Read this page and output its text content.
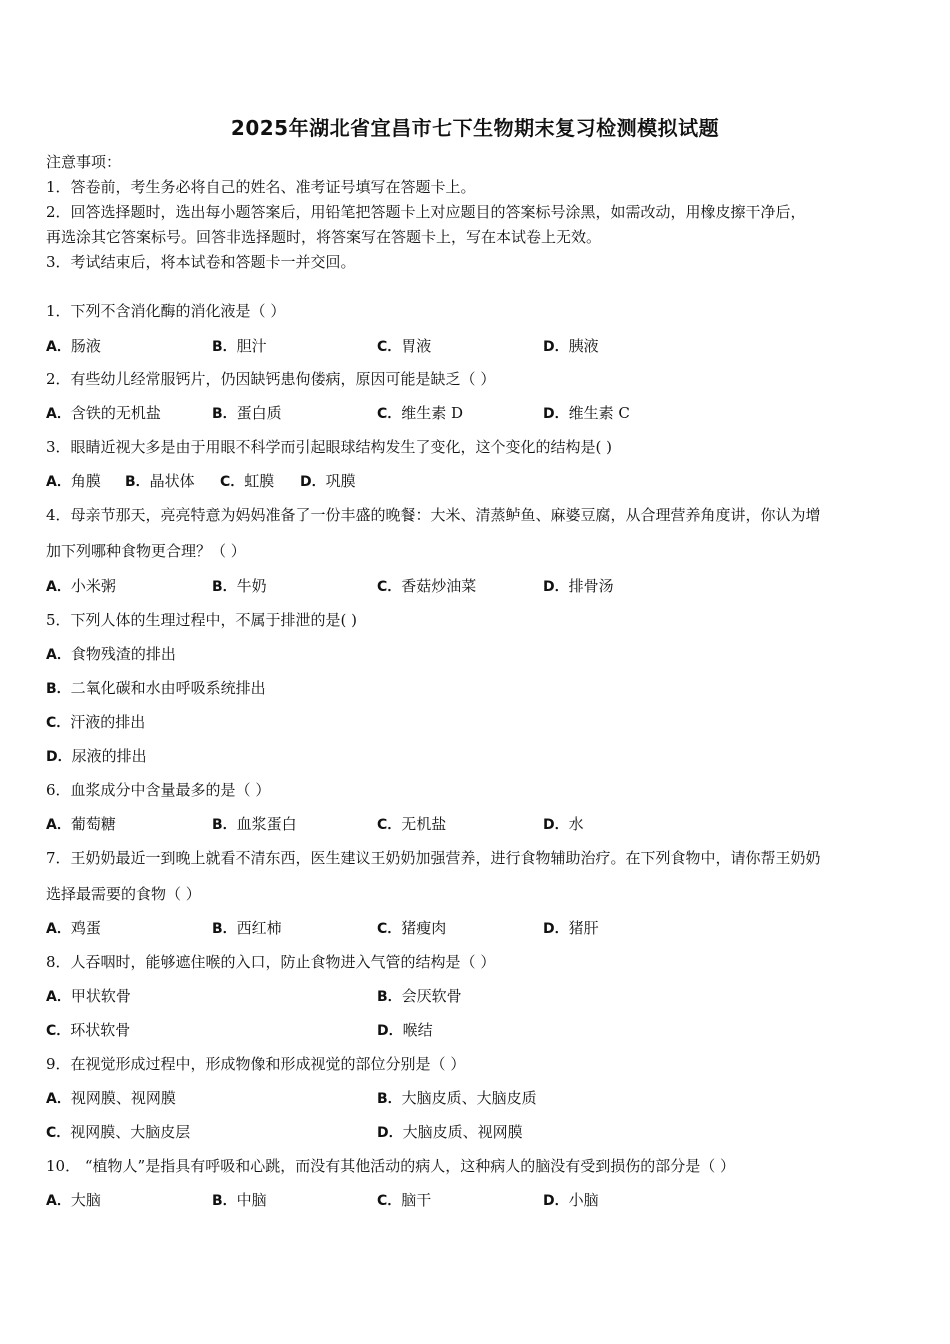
2025年湖北省宜昌市七下生物期末复习检测模拟试题
注意事项：
1．答卷前，考生务必将自己的姓名、准考证号填写在答题卡上。
2．回答选择题时，选出每小题答案后，用铅笔把答题卡上对应题目的答案标号涂黑，如需改动，用橡皮擦干净后，
再选涂其它答案标号。回答非选择题时，将答案写在答题卡上，写在本试卷上无效。
3．考试结束后，将本试卷和答题卡一并交回。
1．下列不含消化酶的消化液是（ ）
A．肠液	B．胆汁	C．胃液	D．胰液
2．有些幼儿经常服钙片，仍因缺钙患佝偻病，原因可能是缺乏（ ）
A．含铁的无机盐	B．蛋白质	C．维生素 D	D．维生素 C
3．眼睛近视大多是由于用眼不科学而引起眼球结构发生了变化，这个变化的结构是( )
A．角膜 B．晶状体 C．虹膜 D．巩膜
4．母亲节那天，亮亮特意为妈妈准备了一份丰盛的晚餐：大米、清蒸鲈鱼、麻婆豆腐，从合理营养角度讲，你认为增
加下列哪种食物更合理？（ ）
A．小米粥	B．牛奶	C．香菇炒油菜	D．排骨汤
5．下列人体的生理过程中，不属于排泄的是( )
A．食物残渣的排出
B．二氧化碳和水由呼吸系统排出
C．汗液的排出
D．尿液的排出
6．血浆成分中含量最多的是（ ）
A．葡萄糖	B．血浆蛋白	C．无机盐	D．水
7．王奶奶最近一到晚上就看不清东西，医生建议王奶奶加强营养，进行食物辅助治疗。在下列食物中，请你帮王奶奶
选择最需要的食物（ ）
A．鸡蛋	B．西红柿	C．猪瘦肉	D．猪肝
8．人吞咽时，能够遮住喉的入口，防止食物进入气管的结构是（ ）
A．甲状软骨	B．会厌软骨
C．环状软骨	D．喉结
9．在视觉形成过程中，形成物像和形成视觉的部位分别是（ ）
A．视网膜、视网膜	B．大脑皮质、大脑皮质
C．视网膜、大脑皮层	D．大脑皮质、视网膜
10． “植物人”是指具有呼吸和心跳，而没有其他活动的病人，这种病人的脑没有受到损伤的部分是（ ）
A．大脑	B．中脑	C．脑干	D．小脑
